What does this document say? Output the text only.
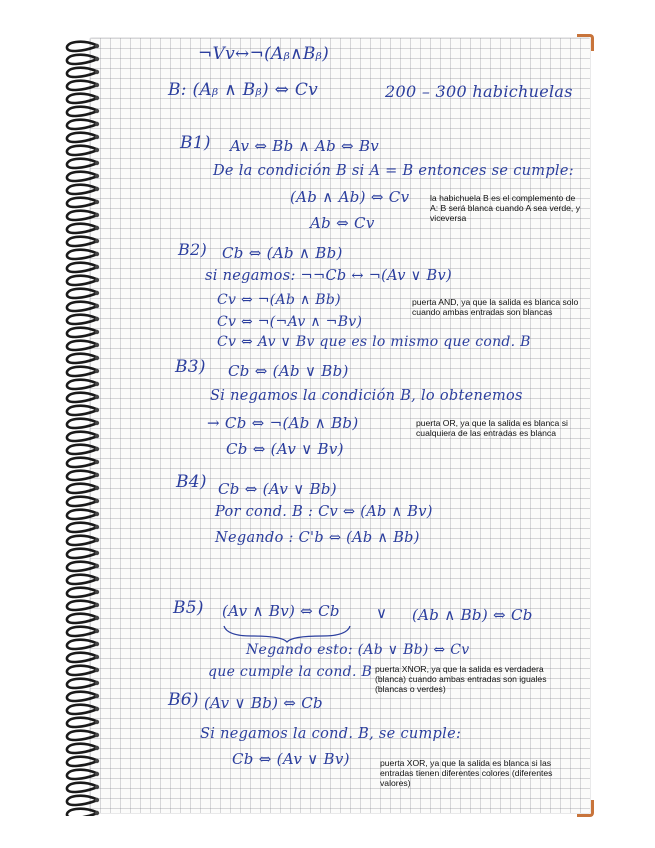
¬Vv↔¬(Aᵦ∧Bᵦ)
B: (Aᵦ ∧ Bᵦ) ⇔ Cv	200 – 300 habichuelas
B1) Av ⇔ Bb ∧ Ab ⇔ Bv
De la condición B si A = B entonces se cumple:
(Ab ∧ Ab) ⇔ Cv
Ab ⇔ Cv
la habichuela B es el complemento de A: B será blanca cuando A sea verde, y viceversa
B2) Cb ⇔ (Ab ∧ Bb)
si negamos: ¬¬Cb ↔ ¬(Av ∨ Bv)
Cv ⇔ ¬(Ab ∧ Bb)
Cv ⇔ ¬(¬Av ∧ ¬Bv)
Cv ⇔ Av ∨ Bv que es lo mismo que cond. B
puerta AND, ya que la salida es blanca solo cuando ambas entradas son blancas
B3) Cb ⇔ (Ab ∨ Bb)
Si negamos la condición B, lo obtenemos
→ Cb ⇔ ¬(Ab ∧ Bb)
Cb ⇔ (Av ∨ Bv)
puerta OR, ya que la salida es blanca si cualquiera de las entradas es blanca
B4) Cb ⇔ (Av ∨ Bb)
Por cond. B : Cv ⇔ (Ab ∧ Bv)
Negando : C'b ⇔ (Ab ∧ Bb)
B5) (Av ∧ Bv) ⇔ Cb ∨ (Ab ∧ Bb) ⇔ Cb
Negando esto: (Ab ∨ Bb) ⇔ Cv
que cumple la cond. B puerta XNOR, ya que la salida es verdadera (blanca) cuando ambas entradas son iguales (blancas o verdes)
B6) (Av ∨ Bb) ⇔ Cb
Si negamos la cond. B, se cumple:
Cb ⇔ (Av ∨ Bv)	puerta XOR, ya que la salida es blanca si las entradas tienen diferentes colores (diferentes valores)
